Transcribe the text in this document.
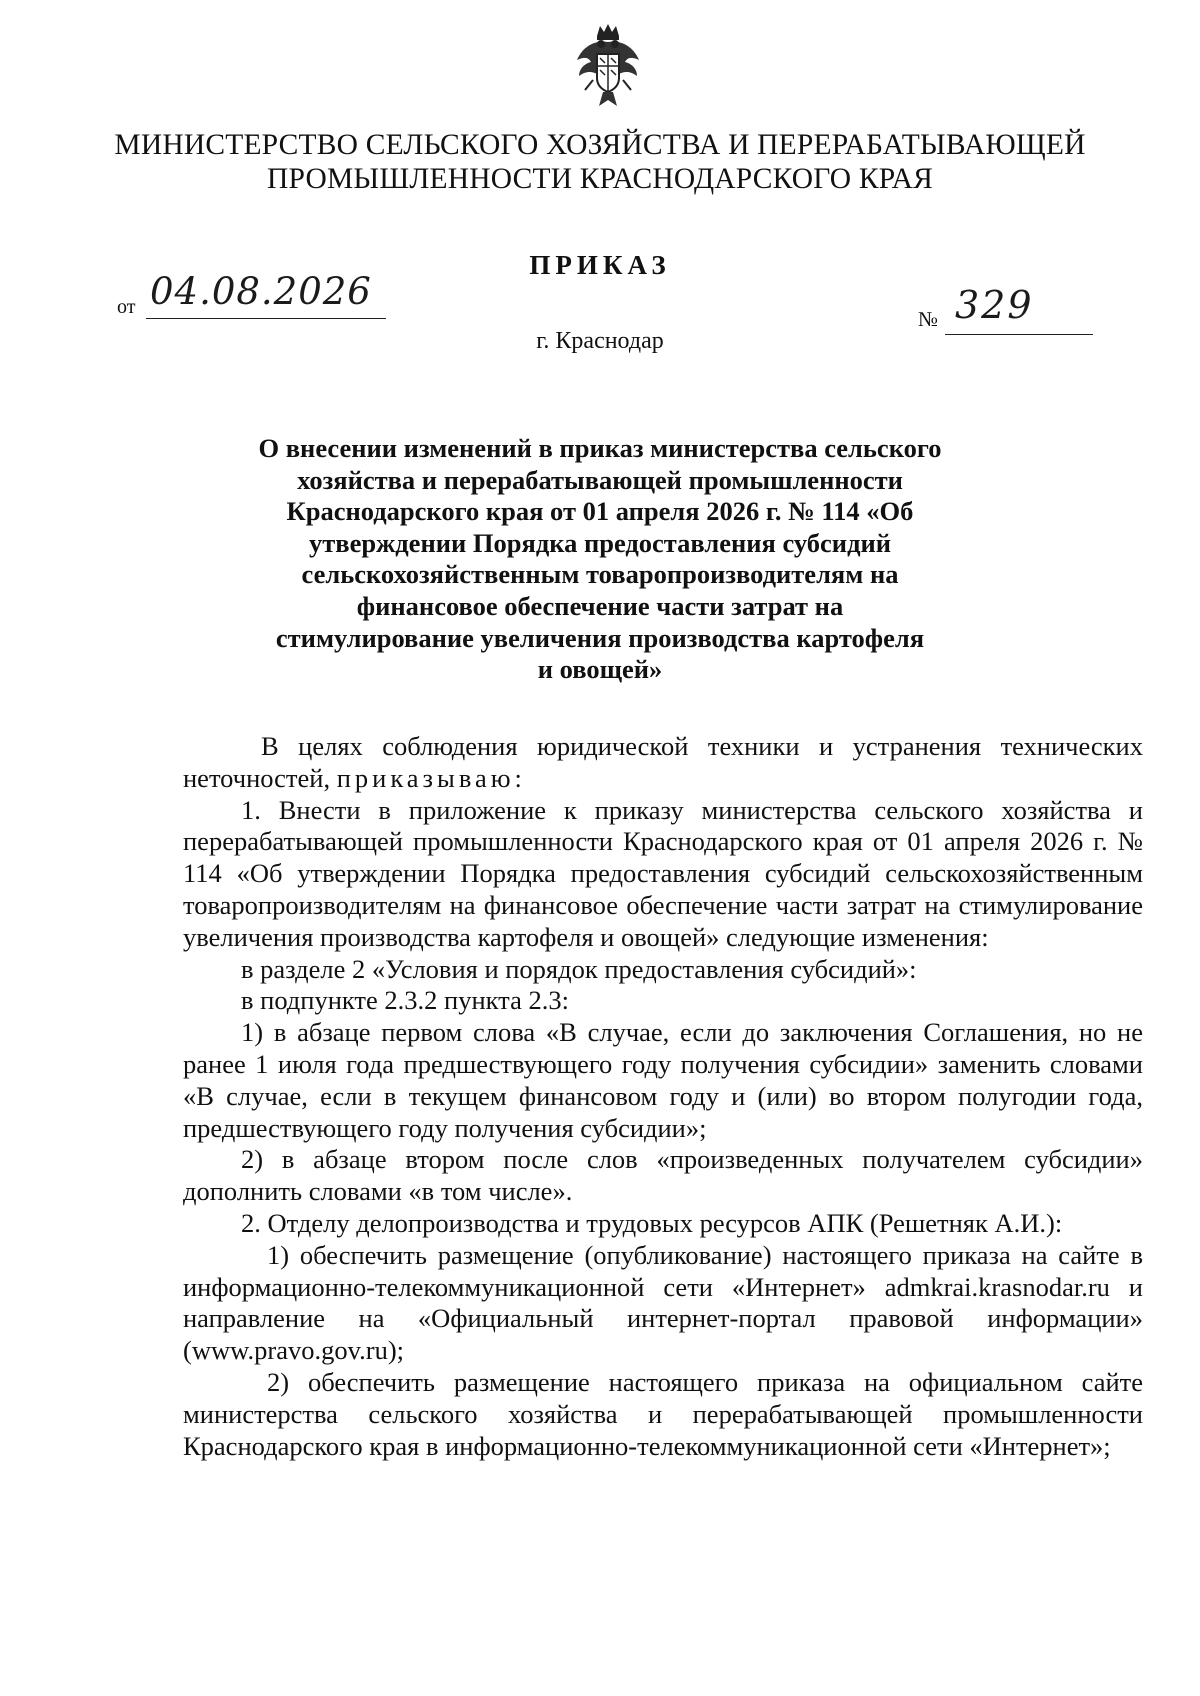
МИНИСТЕРСТВО СЕЛЬСКОГО ХОЗЯЙСТВА И ПЕРЕРАБАТЫВАЮЩЕЙ
ПРОМЫШЛЕННОСТИ КРАСНОДАРСКОГО КРАЯ
ПРИКАЗ
от 04.08.2026
№ 329
г. Краснодар
О внесении изменений в приказ министерства сельского
хозяйства и перерабатывающей промышленности
Краснодарского края от 01 апреля 2026 г. № 114 «Об
утверждении Порядка предоставления субсидий
сельскохозяйственным товаропроизводителям на
финансовое обеспечение части затрат на
стимулирование увеличения производства картофеля
и овощей»

В целях соблюдения юридической техники и устранения технических неточностей, приказываю:

1. Внести в приложение к приказу министерства сельского хозяйства и перерабатывающей промышленности Краснодарского края от 01 апреля 2026 г. № 114 «Об утверждении Порядка предоставления субсидий сельскохозяйственным товаропроизводителям на финансовое обеспечение части затрат на стимулирование увеличения производства картофеля и овощей» следующие изменения:

в разделе 2 «Условия и порядок предоставления субсидий»:

в подпункте 2.3.2 пункта 2.3:

1) в абзаце первом слова «В случае, если до заключения Соглашения, но не ранее 1 июля года предшествующего году получения субсидии» заменить словами «В случае, если в текущем финансовом году и (или) во втором полугодии года, предшествующего году получения субсидии»;

2) в абзаце втором после слов «произведенных получателем субсидии» дополнить словами «в том числе».

2. Отделу делопроизводства и трудовых ресурсов АПК (Решетняк А.И.):

1) обеспечить размещение (опубликование) настоящего приказа на сайте в информационно-телекоммуникационной сети «Интернет» admkrai.krasnodar.ru и направление на «Официальный интернет-портал правовой информации» (www.pravo.gov.ru);

2) обеспечить размещение настоящего приказа на официальном сайте министерства сельского хозяйства и перерабатывающей промышленности Краснодарского края в информационно-телекоммуникационной сети «Интернет»;
